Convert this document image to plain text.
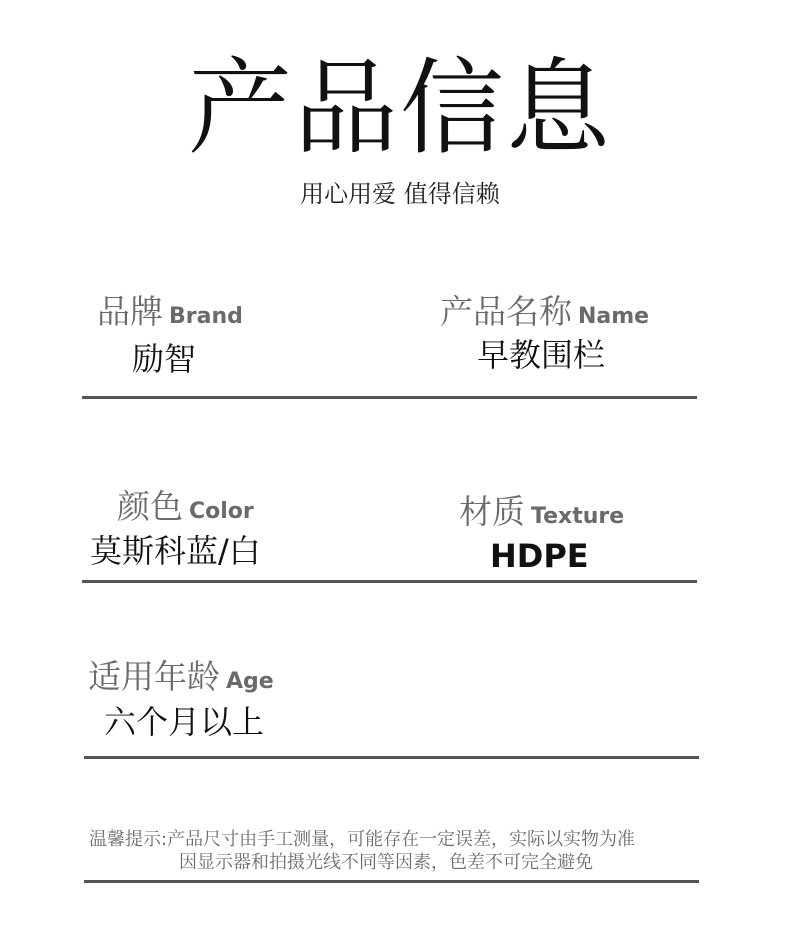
产品信息
用心用爱 值得信赖
品牌 Brand
励智
产品名称 Name
早教围栏
颜色 Color
莫斯科蓝/白
材质 Texture
HDPE
适用年龄 Age
六个月以上
温馨提示:产品尺寸由手工测量，可能存在一定误差，实际以实物为准
因显示器和拍摄光线不同等因素，色差不可完全避免
